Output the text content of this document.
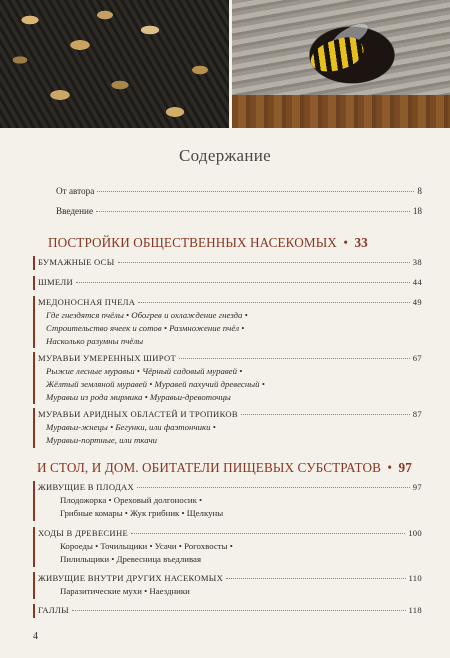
Содержание
От автора	8
Введение	18
ПОСТРОЙКИ ОБЩЕСТВЕННЫХ НАСЕКОМЫХ • 33
БУМАЖНЫЕ ОСЫ	38
ШМЕЛИ	44
МЕДОНОСНАЯ ПЧЕЛА	49
Где гнездятся пчёлы • Обогрев и охлаждение гнезда •
Строительство ячеек и сотов • Размножение пчёл •
Насколько разумны пчёлы
МУРАВЬИ УМЕРЕННЫХ ШИРОТ	67
Рыжие лесные муравьи • Чёрный садовый муравей •
Жёлтый земляной муравей • Муравей пахучий древесный •
Муравьи из рода мирмика • Муравьи-древоточцы
МУРАВЬИ АРИДНЫХ ОБЛАСТЕЙ И ТРОПИКОВ	87
Муравьи-жнецы • Бегунки, или фаэтончики •
Муравьи-портные, или ткачи
И СТОЛ, И ДОМ. ОБИТАТЕЛИ ПИЩЕВЫХ СУБСТРАТОВ • 97
ЖИВУЩИЕ В ПЛОДАХ	97
Плодожорка • Ореховый долгоносик •
Грибные комары • Жук грибник • Щелкуны
ХОДЫ В ДРЕВЕСИНЕ	100
Короеды • Точильщики • Усачи • Рогохвосты •
Пилильщики • Древесница въедливая
ЖИВУЩИЕ ВНУТРИ ДРУГИХ НАСЕКОМЫХ	110
Паразитические мухи • Наездники
ГАЛЛЫ	118
4
